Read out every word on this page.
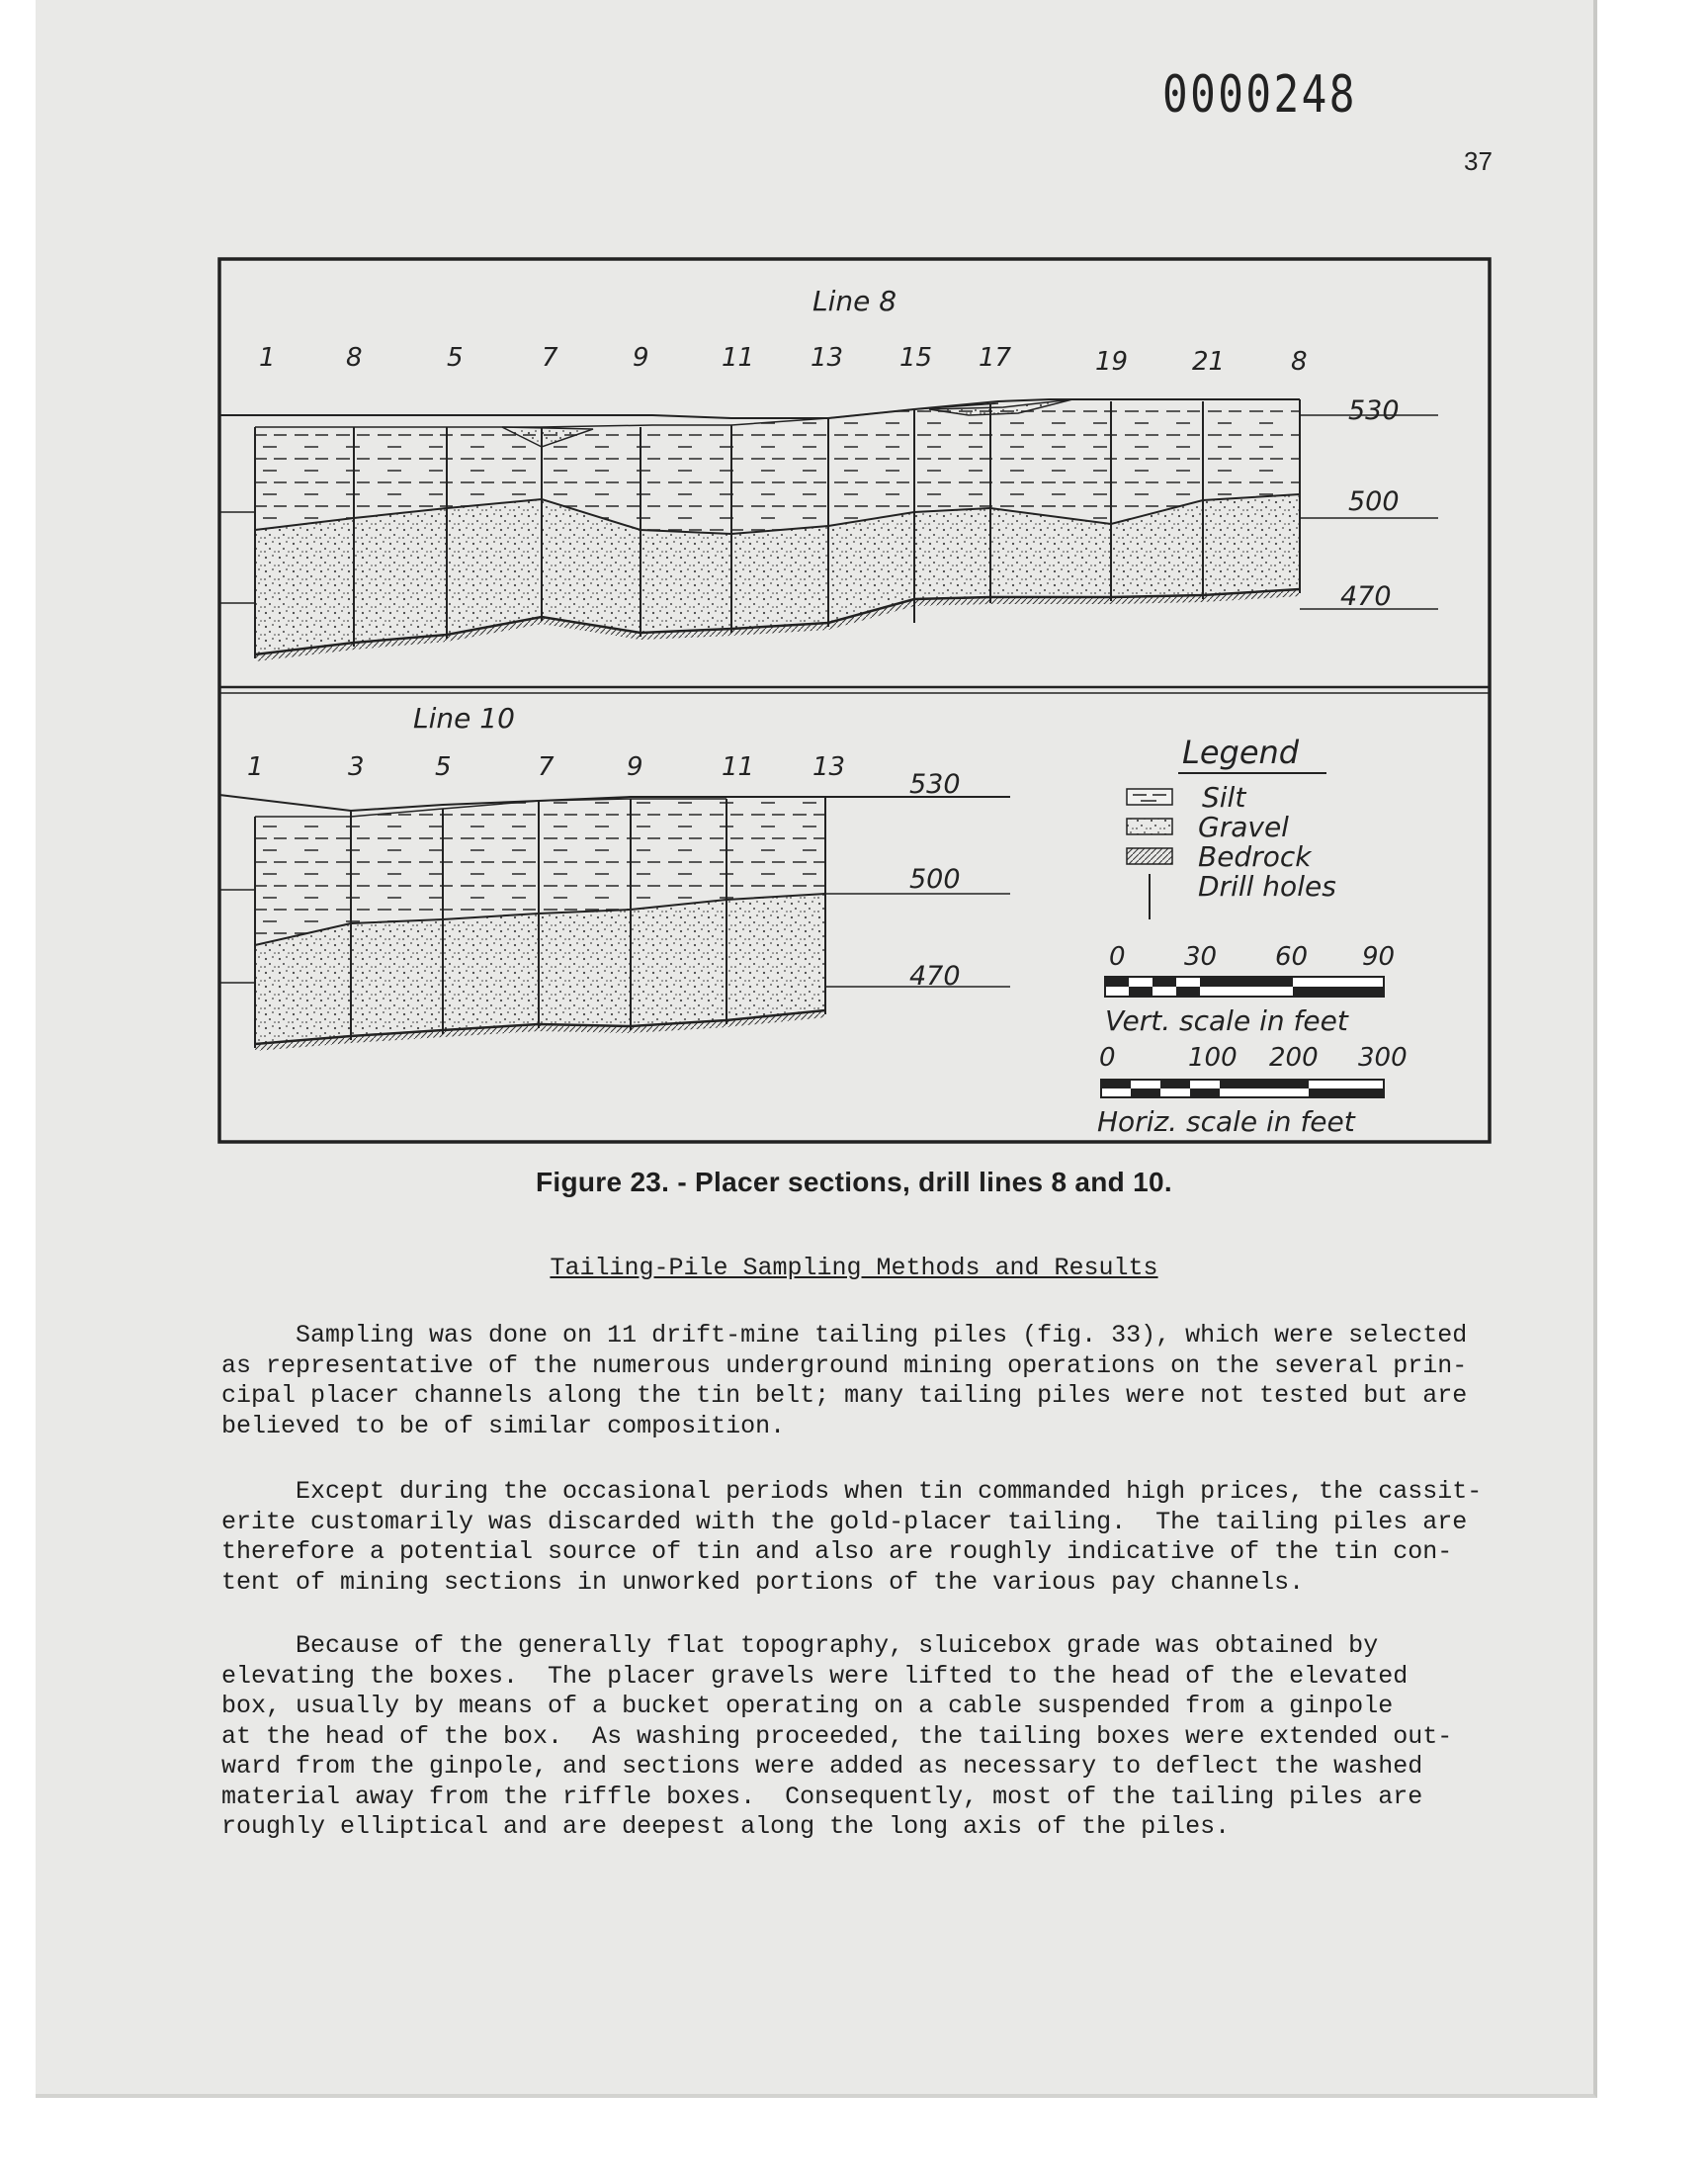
0000248
37
Line 8
1	8	5	7	9	11 13 15 17	19 21	8
530
500
470
Line 10
1	3	5	7	9	11 13
530
500
470
Legend
Silt
Gravel
Bedrock
Drill holes
0 30 60 90
Vert. scale in feet
0	100 200 300
Horiz. scale in feet
Figure 23. - Placer sections, drill lines 8 and 10.
Tailing-Pile Sampling Methods and Results

Sampling was done on 11 drift-mine tailing piles (fig. 33), which were selected
as representative of the numerous underground mining operations on the several prin-
cipal placer channels along the tin belt; many tailing piles were not tested but are
believed to be of similar composition.

Except during the occasional periods when tin commanded high prices, the cassit-
erite customarily was discarded with the gold-placer tailing.  The tailing piles are
therefore a potential source of tin and also are roughly indicative of the tin con-
tent of mining sections in unworked portions of the various pay channels.

Because of the generally flat topography, sluicebox grade was obtained by
elevating the boxes.  The placer gravels were lifted to the head of the elevated
box, usually by means of a bucket operating on a cable suspended from a ginpole
at the head of the box.  As washing proceeded, the tailing boxes were extended out-
ward from the ginpole, and sections were added as necessary to deflect the washed
material away from the riffle boxes.  Consequently, most of the tailing piles are
roughly elliptical and are deepest along the long axis of the piles.
